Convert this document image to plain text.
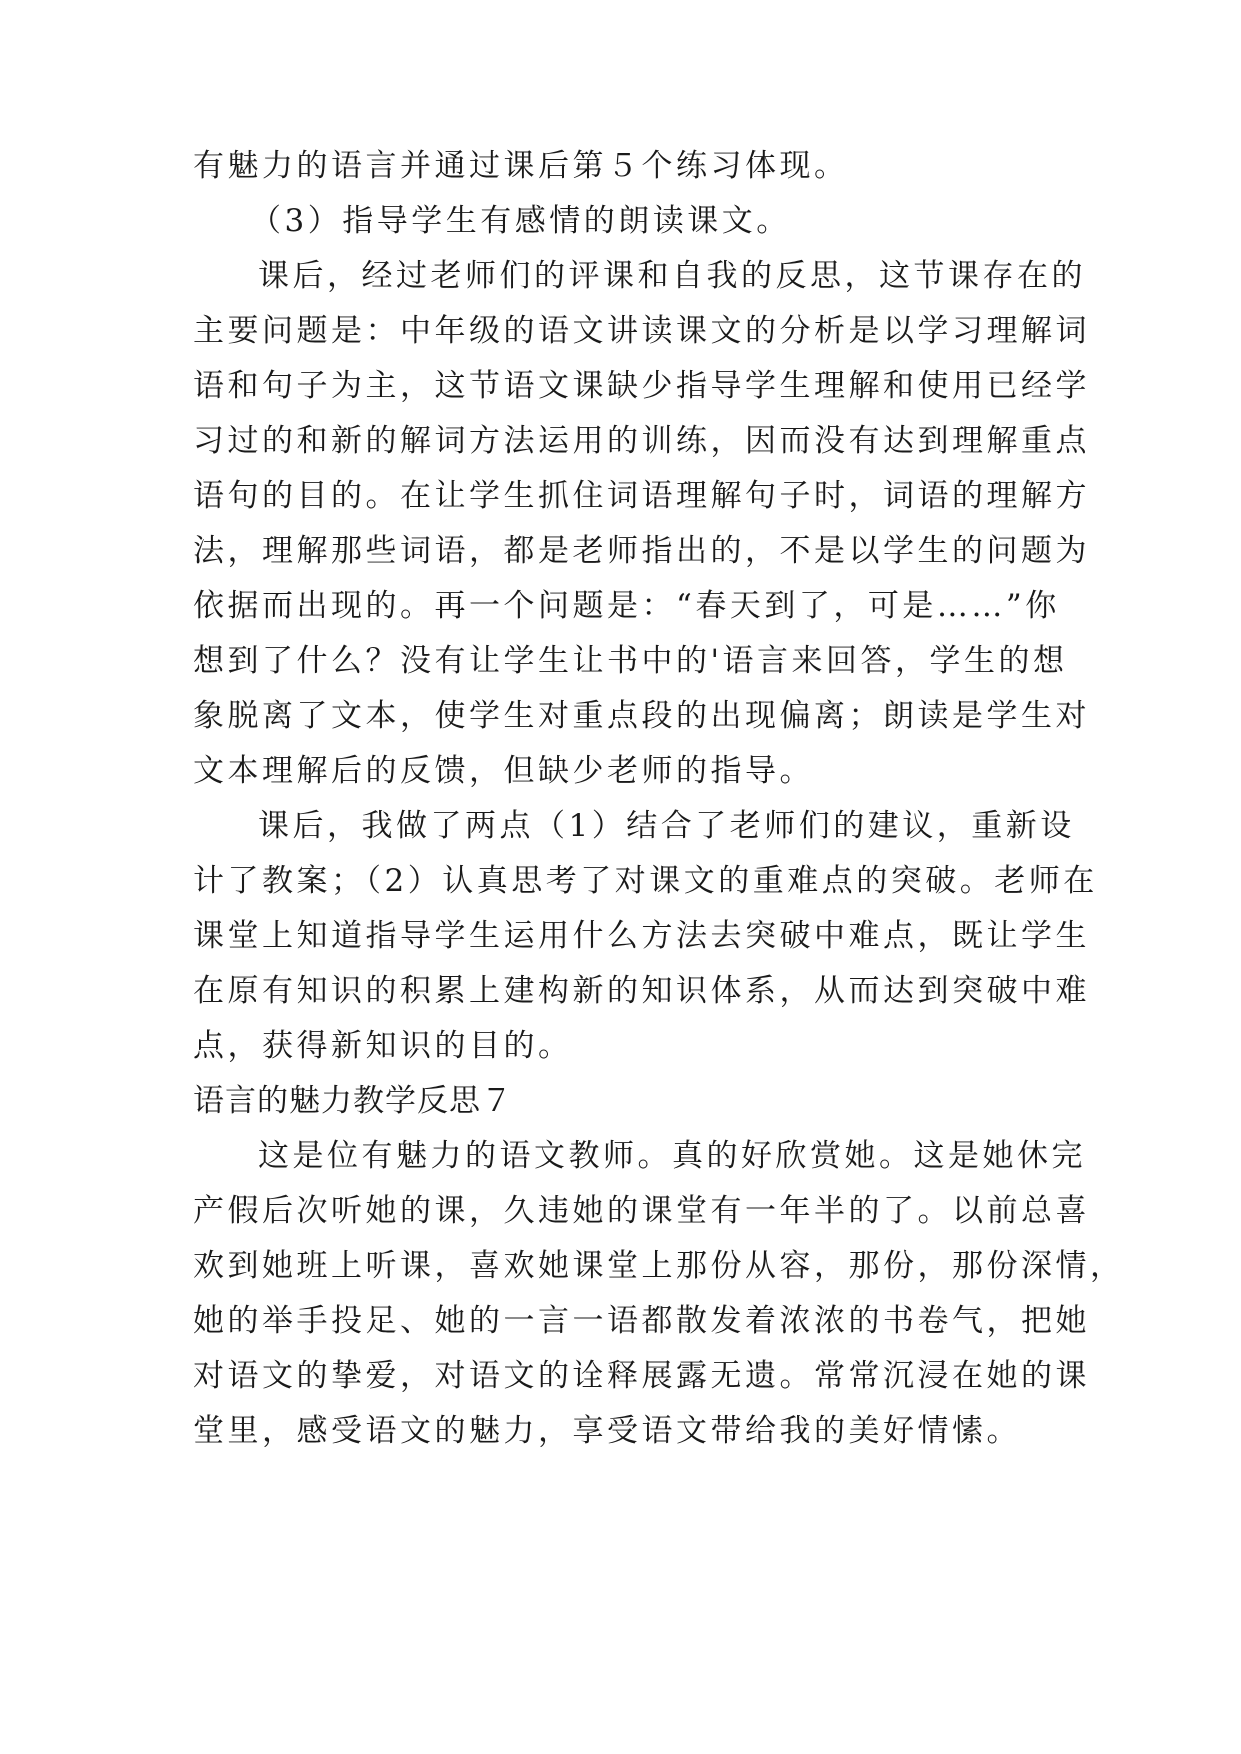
有魅力的语言并通过课后第５个练习体现。
（3）指导学生有感情的朗读课文。
课后，经过老师们的评课和自我的反思，这节课存在的
主要问题是：中年级的语文讲读课文的分析是以学习理解词
语和句子为主，这节语文课缺少指导学生理解和使用已经学
习过的和新的解词方法运用的训练，因而没有达到理解重点
语句的目的。在让学生抓住词语理解句子时，词语的理解方
法，理解那些词语，都是老师指出的，不是以学生的问题为
依据而出现的。再一个问题是：“春天到了，可是……”你
想到了什么？没有让学生让书中的'语言来回答，学生的想
象脱离了文本，使学生对重点段的出现偏离；朗读是学生对
文本理解后的反馈，但缺少老师的指导。
课后，我做了两点（1）结合了老师们的建议，重新设
计了教案；（2）认真思考了对课文的重难点的突破。老师在
课堂上知道指导学生运用什么方法去突破中难点，既让学生
在原有知识的积累上建构新的知识体系，从而达到突破中难
点，获得新知识的目的。
语言的魅力教学反思７
这是位有魅力的语文教师。真的好欣赏她。这是她休完
产假后次听她的课，久违她的课堂有一年半的了。以前总喜
欢到她班上听课，喜欢她课堂上那份从容，那份，那份深情，
她的举手投足、她的一言一语都散发着浓浓的书卷气，把她
对语文的挚爱，对语文的诠释展露无遗。常常沉浸在她的课
堂里，感受语文的魅力，享受语文带给我的美好情愫。
